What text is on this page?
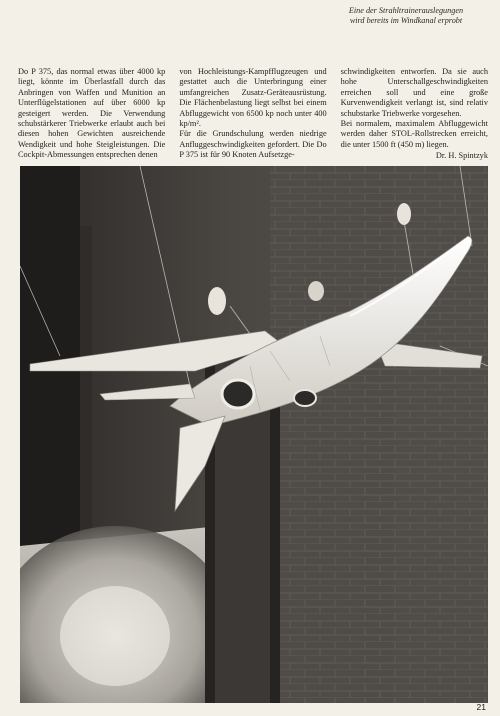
Eine der Strahltrainerauslegungen
wird bereits im Windkanal erprobt

Do P 375, das normal etwas über 4000 kp liegt, könnte im Überlastfall durch das Anbringen von Waffen und Munition an Unterflügelstationen auf über 6000 kp gesteigert werden. Die Verwendung schubstärkerer Triebwerke erlaubt auch bei diesen hohen Gewichten ausreichende Wendigkeit und hohe Steigleistungen. Die Cockpit-Abmessungen entsprechen denen

von Hochleistungs-Kampfflugzeugen und gestattet auch die Unterbringung einer umfangreichen Zusatz-Geräteausrüstung. Die Flächenbelastung liegt selbst bei einem Abfluggewicht von 6500 kp noch unter 400 kp/m².

Für die Grundschulung werden niedrige Anfluggeschwindigkeiten gefordert. Die Do P 375 ist für 90 Knoten Aufsetzge-

schwindigkeiten entworfen. Da sie auch hohe Unterschallgeschwindigkeiten erreichen soll und eine große Kurvenwendigkeit verlangt ist, sind relativ schubstarke Triebwerke vorgesehen.

Bei normalem, maximalem Abfluggewicht werden daher STOL-Rollstrecken erreicht, die unter 1500 ft (450 m) liegen.

Dr. H. Spintzyk
21
